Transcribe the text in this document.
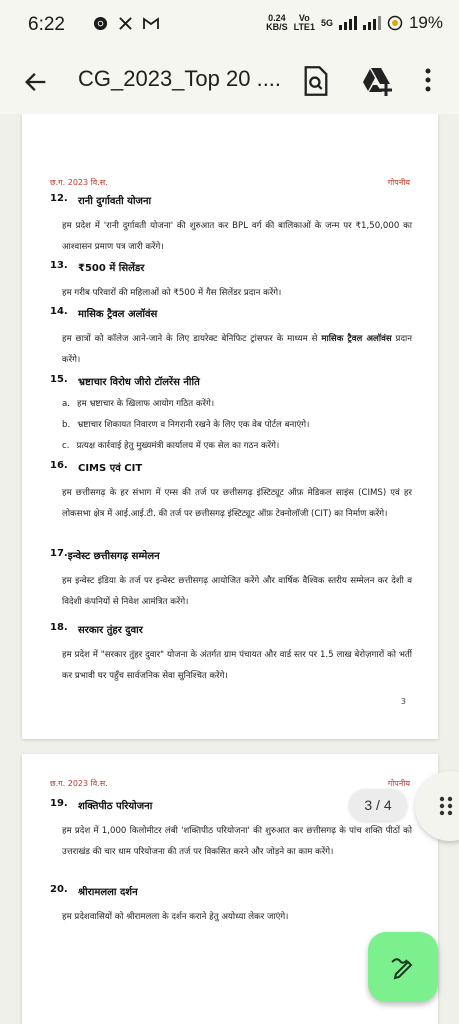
6:22	0.24
KB/S
Vo
LTE1 5G	19%
CG_2023_Top 20 ....
छ.ग. 2023 वि.स.	गोपनीय
12. रानी दुर्गावती योजना
हम प्रदेश में 'रानी दुर्गावती योजना' की शुरुआत कर BPL वर्ग की बालिकाओं के जन्म पर ₹1,50,000 का आश्वासन प्रमाण पत्र जारी करेंगे।
13. ₹500 में सिलेंडर
हम गरीब परिवारों की महिलाओं को ₹500 में गैस सिलेंडर प्रदान करेंगे।
14. मासिक ट्रैवल अलॉवंस
हम छात्रों को कॉलेज आने-जाने के लिए डायरेक्ट बेनिफिट ट्रांसफर के माध्यम से मासिक ट्रैवल अलॉवंस प्रदान करेंगे।
15. भ्रष्टाचार विरोध जीरो टॉलरेंस नीति
a. हम भ्रष्टाचार के खिलाफ आयोग गठित करेंगे।
b. भ्रष्टाचार शिकायत निवारण व निगरानी रखने के लिए एक वेब पोर्टल बनाएंगे।
c. प्रत्यक्ष कार्रवाई हेतु मुख्यमंत्री कार्यालय में एक सेल का गठन करेंगे।
16. CIMS एवं CIT
हम छत्तीसगढ़ के हर संभाग में एम्स की तर्ज पर छत्तीसगढ़ इंस्टिट्यूट ऑफ़ मेडिकल साइंस (CIMS) एवं हर लोकसभा क्षेत्र में आई.आई.टी. की तर्ज पर छत्तीसगढ़ इंस्टिट्यूट ऑफ़ टेक्नोलॉजी (CIT) का निर्माण करेंगे।
17. इन्वेस्ट छत्तीसगढ़ सम्मेलन
हम इन्वेस्ट इंडिया के तर्ज पर इन्वेस्ट छत्तीसगढ़ आयोजित करेंगे और वार्षिक वैश्विक स्तरीय सम्मेलन कर देशी व विदेशी कंपनियों से निवेश आमंत्रित करेंगे।
18. सरकार तुंहर दुवार
हम प्रदेश में "सरकार तुंहर दुवार" योजना के अंतर्गत ग्राम पंचायत और वार्ड स्तर पर 1.5 लाख बेरोज़गारों को भर्ती कर प्रभावी घर पहुँच सार्वजनिक सेवा सुनिश्चित करेंगे।
3
छ.ग. 2023 वि.स.	गोपनीय
19. शक्तिपीठ परियोजना
हम प्रदेश में 1,000 किलोमीटर लंबी 'शक्तिपीठ परियोजना' की शुरुआत कर छत्तीसगढ़ के पांच शक्ति पीठों को उत्तराखंड की चार धाम परियोजना की तर्ज पर विकसित करने और जोड़ने का काम करेंगे।
20. श्रीरामलला दर्शन
हम प्रदेशवासियों को श्रीरामलला के दर्शन कराने हेतु अयोध्या लेकर जाएंगे।
3 / 4
